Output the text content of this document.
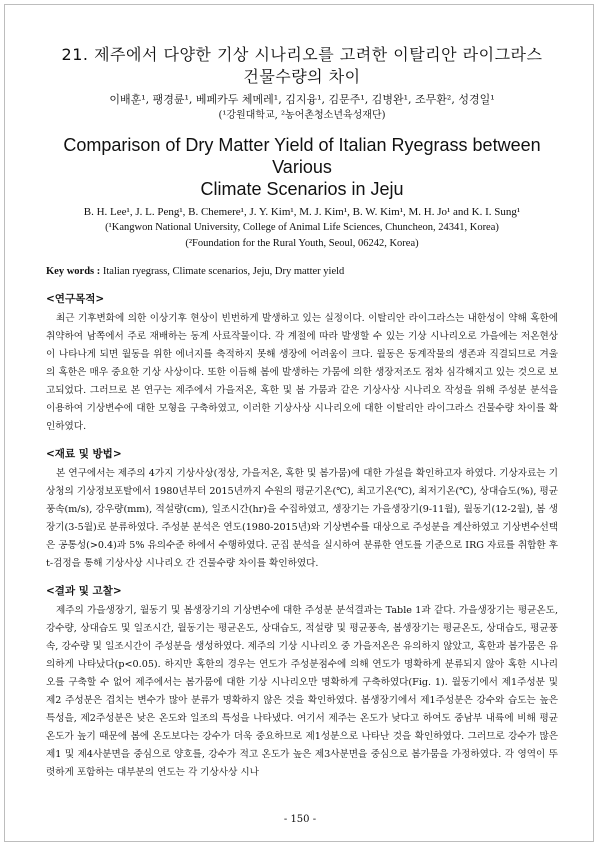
21. 제주에서 다양한 기상 시나리오를 고려한 이탈리안 라이그라스
건물수량의 차이

이배훈¹, 팽경륜¹, 베페카두 체메레¹, 김지융¹, 김문주¹, 김병완¹, 조무환², 성경일¹

(¹강원대학교, ²농어촌청소년육성재단)

Comparison of Dry Matter Yield of Italian Ryegrass between Various
Climate Scenarios in Jeju

B. H. Lee¹, J. L. Peng¹, B. Chemere¹, J. Y. Kim¹, M. J. Kim¹, B. W. Kim¹, M. H. Jo¹ and K. I. Sung¹

(¹Kangwon National University, College of Animal Life Sciences, Chuncheon, 24341, Korea)

(²Foundation for the Rural Youth, Seoul, 06242, Korea)

Key words : Italian ryegrass, Climate scenarios, Jeju, Dry matter yield
<연구목적>

최근 기후변화에 의한 이상기후 현상이 빈번하게 발생하고 있는 실정이다. 이탈리안 라이그라스는 내한성이 약해 혹한에 취약하여 남쪽에서 주로 재배하는 동계 사료작물이다. 각 계절에 따라 발생할 수 있는 기상 시나리오로 가을에는 저온현상이 나타나게 되면 월동을 위한 에너지를 축적하지 못해 생장에 어려움이 크다. 월동은 동계작물의 생존과 직결되므로 겨울의 혹한은 매우 중요한 기상 사상이다. 또한 이듬해 봄에 발생하는 가뭄에 의한 생장저조도 점차 심각해지고 있는 것으로 보고되었다. 그러므로 본 연구는 제주에서 가을저온, 혹한 및 봄 가뭄과 같은 기상사상 시나리오 작성을 위해 주성분 분석을 이용하여 기상변수에 대한 모형을 구축하였고, 이러한 기상사상 시나리오에 대한 이탈리안 라이그라스 건물수량 차이를 확인하였다.

<재료 및 방법>

본 연구에서는 제주의 4가지 기상사상(정상, 가을저온, 혹한 및 봄가뭄)에 대한 가설을 확인하고자 하였다. 기상자료는 기상청의 기상정보포탈에서 1980년부터 2015년까지 수원의 평균기온(℃), 최고기온(℃), 최저기온(℃), 상대습도(%), 평균풍속(m/s), 강우량(mm), 적설량(cm), 일조시간(hr)을 수집하였고, 생장기는 가을생장기(9-11월), 월동기(12-2월), 봄 생장기(3-5월)로 분류하였다. 주성분 분석은 연도(1980-2015년)와 기상변수를 대상으로 주성분을 계산하였고 기상변수선택은 공통성(>0.4)과 5% 유의수준 하에서 수행하였다. 군집 분석을 실시하여 분류한 연도를 기준으로 IRG 자료를 취합한 후 t-검정을 통해 기상사상 시나리오 간 건물수량 차이를 확인하였다.

<결과 및 고찰>

제주의 가을생장기, 월동기 및 봄생장기의 기상변수에 대한 주성분 분석결과는 Table 1과 같다. 가을생장기는 평균온도, 강수량, 상대습도 및 일조시간, 월동기는 평균온도, 상대습도, 적설량 및 평균풍속, 봄생장기는 평균온도, 상대습도, 평균풍속, 강수량 및 일조시간이 주성분을 생성하였다. 제주의 기상 시나리오 중 가을저온은 유의하지 않았고, 혹한과 봄가뭄은 유의하게 나타났다(p<0.05). 하지만 혹한의 경우는 연도가 주성분점수에 의해 연도가 명확하게 분류되지 않아 혹한 시나리오를 구축할 수 없어 제주에서는 봄가뭄에 대한 기상 시나리오만 명확하게 구축하였다(Fig. 1). 월동기에서 제1주성분 및 제2 주성분은 겹치는 변수가 많아 분류가 명확하지 않은 것을 확인하였다. 봄생장기에서 제1주성분은 강수와 습도는 높은 특성을, 제2주성분은 낮은 온도와 일조의 특성을 나타냈다. 여기서 제주는 온도가 낮다고 하여도 중남부 내륙에 비해 평균온도가 높기 때문에 봄에 온도보다는 강수가 더욱 중요하므로 제1성분으로 나타난 것을 확인하였다. 그러므로 강수가 많은 제1 및 제4사분면을 중심으로 양호를, 강수가 적고 온도가 높은 제3사분면을 중심으로 봄가뭄을 가정하였다. 각 영역이 뚜렷하게 포함하는 대부분의 연도는 각 기상사상 시나

- 150 -
